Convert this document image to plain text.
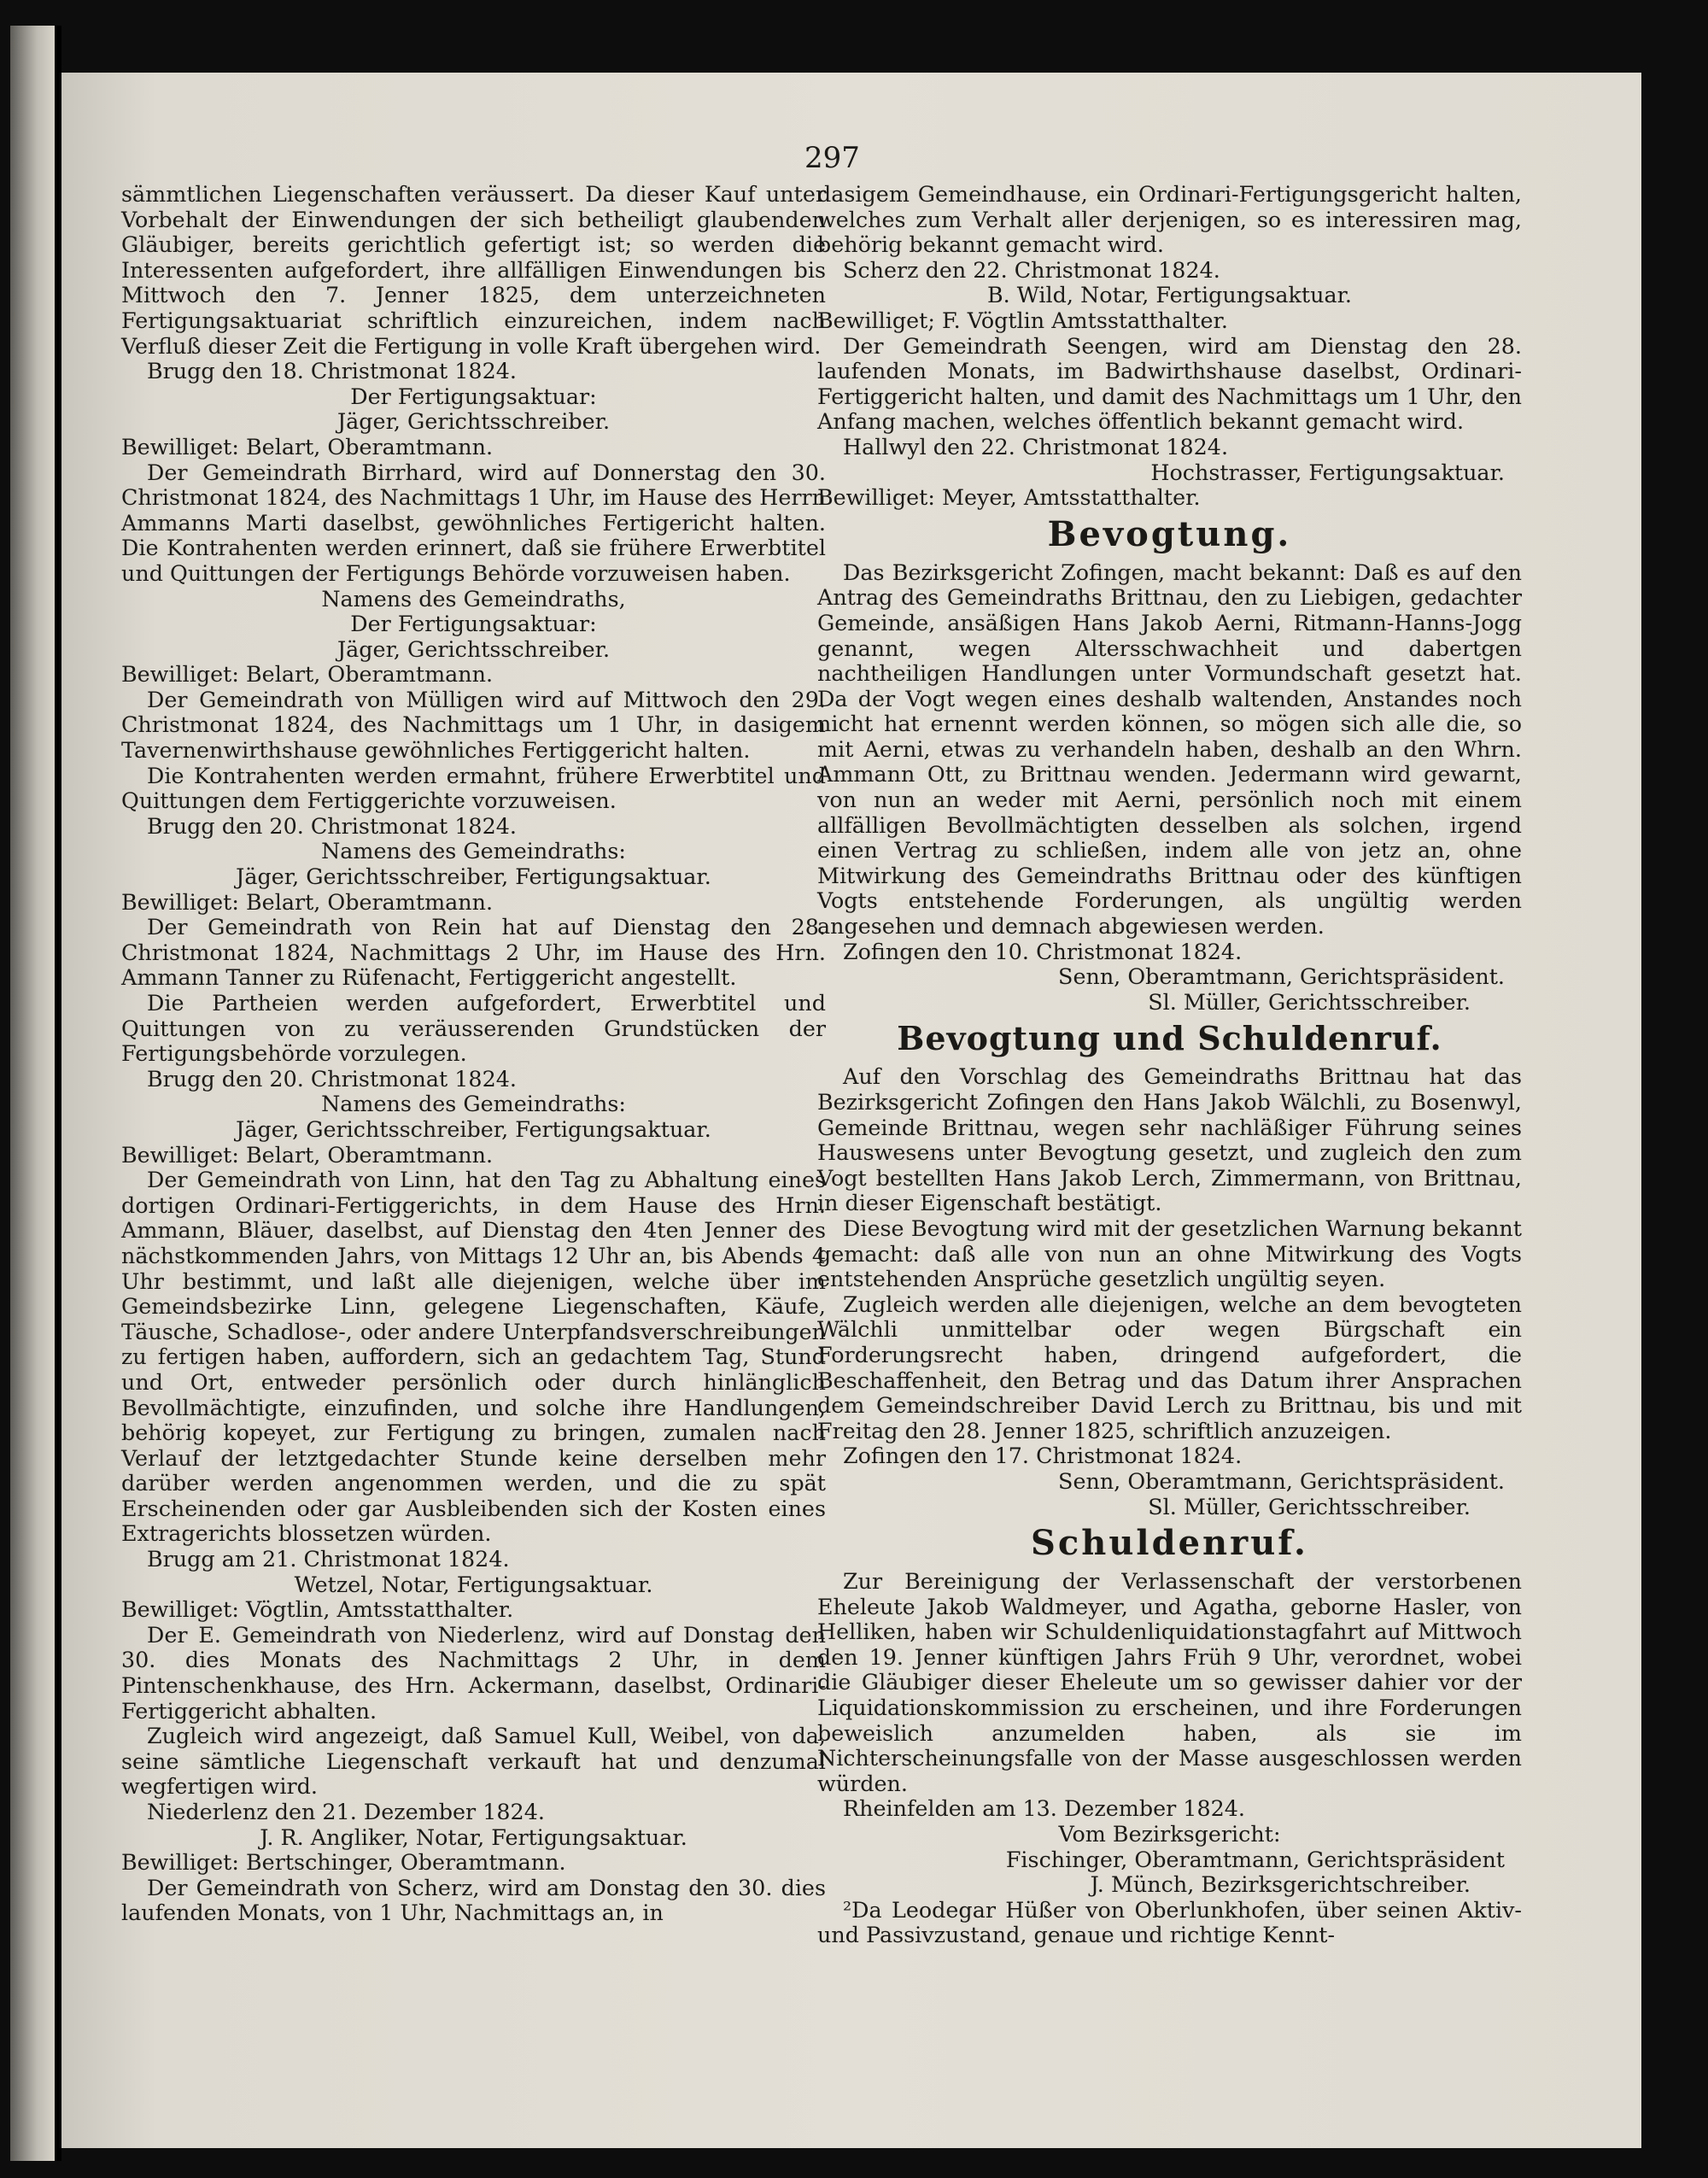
297

sämmtlichen Liegenschaften veräussert. Da dieser Kauf unter Vorbehalt der Einwendungen der sich betheiligt glaubenden Gläubiger, bereits gerichtlich gefertigt ist; so werden die Interessenten aufgefordert, ihre allfälligen Einwendungen bis Mittwoch den 7. Jenner 1825, dem unterzeichneten Fertigungsaktuariat schriftlich einzureichen, indem nach Verfluß dieser Zeit die Fertigung in volle Kraft übergehen wird.

Brugg den 18. Christmonat 1824.

Der Fertigungsaktuar:

Jäger, Gerichtsschreiber.

Bewilliget: Belart, Oberamtmann.

Der Gemeindrath Birrhard, wird auf Donnerstag den 30. Christmonat 1824, des Nachmittags 1 Uhr, im Hause des Herrn Ammanns Marti daselbst, gewöhnliches Fertigericht halten. Die Kontrahenten werden erinnert, daß sie frühere Erwerbtitel und Quittungen der Fertigungs Behörde vorzuweisen haben.

Namens des Gemeindraths,

Der Fertigungsaktuar:

Jäger, Gerichtsschreiber.

Bewilliget: Belart, Oberamtmann.

Der Gemeindrath von Mülligen wird auf Mittwoch den 29. Christmonat 1824, des Nachmittags um 1 Uhr, in dasigem Tavernenwirthshause gewöhnliches Fertiggericht halten.

Die Kontrahenten werden ermahnt, frühere Erwerbtitel und Quittungen dem Fertiggerichte vorzuweisen.

Brugg den 20. Christmonat 1824.

Namens des Gemeindraths:

Jäger, Gerichtsschreiber, Fertigungsaktuar.

Bewilliget: Belart, Oberamtmann.

Der Gemeindrath von Rein hat auf Dienstag den 28. Christmonat 1824, Nachmittags 2 Uhr, im Hause des Hrn. Ammann Tanner zu Rüfenacht, Fertiggericht angestellt.

Die Partheien werden aufgefordert, Erwerbtitel und Quittungen von zu veräusserenden Grundstücken der Fertigungsbehörde vorzulegen.

Brugg den 20. Christmonat 1824.

Namens des Gemeindraths:

Jäger, Gerichtsschreiber, Fertigungsaktuar.

Bewilliget: Belart, Oberamtmann.

Der Gemeindrath von Linn, hat den Tag zu Abhaltung eines dortigen Ordinari-Fertiggerichts, in dem Hause des Hrn. Ammann, Bläuer, daselbst, auf Dienstag den 4ten Jenner des nächstkommenden Jahrs, von Mittags 12 Uhr an, bis Abends 4 Uhr bestimmt, und laßt alle diejenigen, welche über im Gemeindsbezirke Linn, gelegene Liegenschaften, Käufe, Täusche, Schadlose-, oder andere Unterpfandsverschreibungen zu fertigen haben, auffordern, sich an gedachtem Tag, Stund und Ort, entweder persönlich oder durch hinlänglich Bevollmächtigte, einzufinden, und solche ihre Handlungen, behörig kopeyet, zur Fertigung zu bringen, zumalen nach Verlauf der letztgedachter Stunde keine derselben mehr darüber werden angenommen werden, und die zu spät Erscheinenden oder gar Ausbleibenden sich der Kosten eines Extragerichts blossetzen würden.

Brugg am 21. Christmonat 1824.

Wetzel, Notar, Fertigungsaktuar.

Bewilliget: Vögtlin, Amtsstatthalter.

Der E. Gemeindrath von Niederlenz, wird auf Donstag den 30. dies Monats des Nachmittags 2 Uhr, in dem Pintenschenkhause, des Hrn. Ackermann, daselbst, Ordinari-Fertiggericht abhalten.

Zugleich wird angezeigt, daß Samuel Kull, Weibel, von da, seine sämtliche Liegenschaft verkauft hat und denzumal wegfertigen wird.

Niederlenz den 21. Dezember 1824.

J. R. Angliker, Notar, Fertigungsaktuar.

Bewilliget: Bertschinger, Oberamtmann.

Der Gemeindrath von Scherz, wird am Donstag den 30. dies laufenden Monats, von 1 Uhr, Nachmittags an, in

dasigem Gemeindhause, ein Ordinari-Fertigungsgericht halten, welches zum Verhalt aller derjenigen, so es interessiren mag, behörig bekannt gemacht wird.

Scherz den 22. Christmonat 1824.

B. Wild, Notar, Fertigungsaktuar.

Bewilliget; F. Vögtlin Amtsstatthalter.

Der Gemeindrath Seengen, wird am Dienstag den 28. laufenden Monats, im Badwirthshause daselbst, Ordinari-Fertiggericht halten, und damit des Nachmittags um 1 Uhr, den Anfang machen, welches öffentlich bekannt gemacht wird.

Hallwyl den 22. Christmonat 1824.

Hochstrasser, Fertigungsaktuar.

Bewilliget: Meyer, Amtsstatthalter.

Bevogtung.

Das Bezirksgericht Zofingen, macht bekannt: Daß es auf den Antrag des Gemeindraths Brittnau, den zu Liebigen, gedachter Gemeinde, ansäßigen Hans Jakob Aerni, Ritmann-Hanns-Jogg genannt, wegen Altersschwachheit und dabertgen nachtheiligen Handlungen unter Vormundschaft gesetzt hat. Da der Vogt wegen eines deshalb waltenden, Anstandes noch nicht hat ernennt werden können, so mögen sich alle die, so mit Aerni, etwas zu verhandeln haben, deshalb an den Whrn. Ammann Ott, zu Brittnau wenden. Jedermann wird gewarnt, von nun an weder mit Aerni, persönlich noch mit einem allfälligen Bevollmächtigten desselben als solchen, irgend einen Vertrag zu schließen, indem alle von jetz an, ohne Mitwirkung des Gemeindraths Brittnau oder des künftigen Vogts entstehende Forderungen, als ungültig werden angesehen und demnach abgewiesen werden.

Zofingen den 10. Christmonat 1824.

Senn, Oberamtmann, Gerichtspräsident.

Sl. Müller, Gerichtsschreiber.

Bevogtung und Schuldenruf.

Auf den Vorschlag des Gemeindraths Brittnau hat das Bezirksgericht Zofingen den Hans Jakob Wälchli, zu Bosenwyl, Gemeinde Brittnau, wegen sehr nachläßiger Führung seines Hauswesens unter Bevogtung gesetzt, und zugleich den zum Vogt bestellten Hans Jakob Lerch, Zimmermann, von Brittnau, in dieser Eigenschaft bestätigt.

Diese Bevogtung wird mit der gesetzlichen Warnung bekannt gemacht: daß alle von nun an ohne Mitwirkung des Vogts entstehenden Ansprüche gesetzlich ungültig seyen.

Zugleich werden alle diejenigen, welche an dem bevogteten Wälchli unmittelbar oder wegen Bürgschaft ein Forderungsrecht haben, dringend aufgefordert, die Beschaffenheit, den Betrag und das Datum ihrer Ansprachen dem Gemeindschreiber David Lerch zu Brittnau, bis und mit Freitag den 28. Jenner 1825, schriftlich anzuzeigen.

Zofingen den 17. Christmonat 1824.

Senn, Oberamtmann, Gerichtspräsident.

Sl. Müller, Gerichtsschreiber.

Schuldenruf.

Zur Bereinigung der Verlassenschaft der verstorbenen Eheleute Jakob Waldmeyer, und Agatha, geborne Hasler, von Helliken, haben wir Schuldenliquidationstagfahrt auf Mittwoch den 19. Jenner künftigen Jahrs Früh 9 Uhr, verordnet, wobei die Gläubiger dieser Eheleute um so gewisser dahier vor der Liquidationskommission zu erscheinen, und ihre Forderungen beweislich anzumelden haben, als sie im Nichterscheinungsfalle von der Masse ausgeschlossen werden würden.

Rheinfelden am 13. Dezember 1824.

Vom Bezirksgericht:

Fischinger, Oberamtmann, Gerichtspräsident

J. Münch, Bezirksgerichtschreiber.

²Da Leodegar Hüßer von Oberlunkhofen, über seinen Aktiv- und Passivzustand, genaue und richtige Kennt-
